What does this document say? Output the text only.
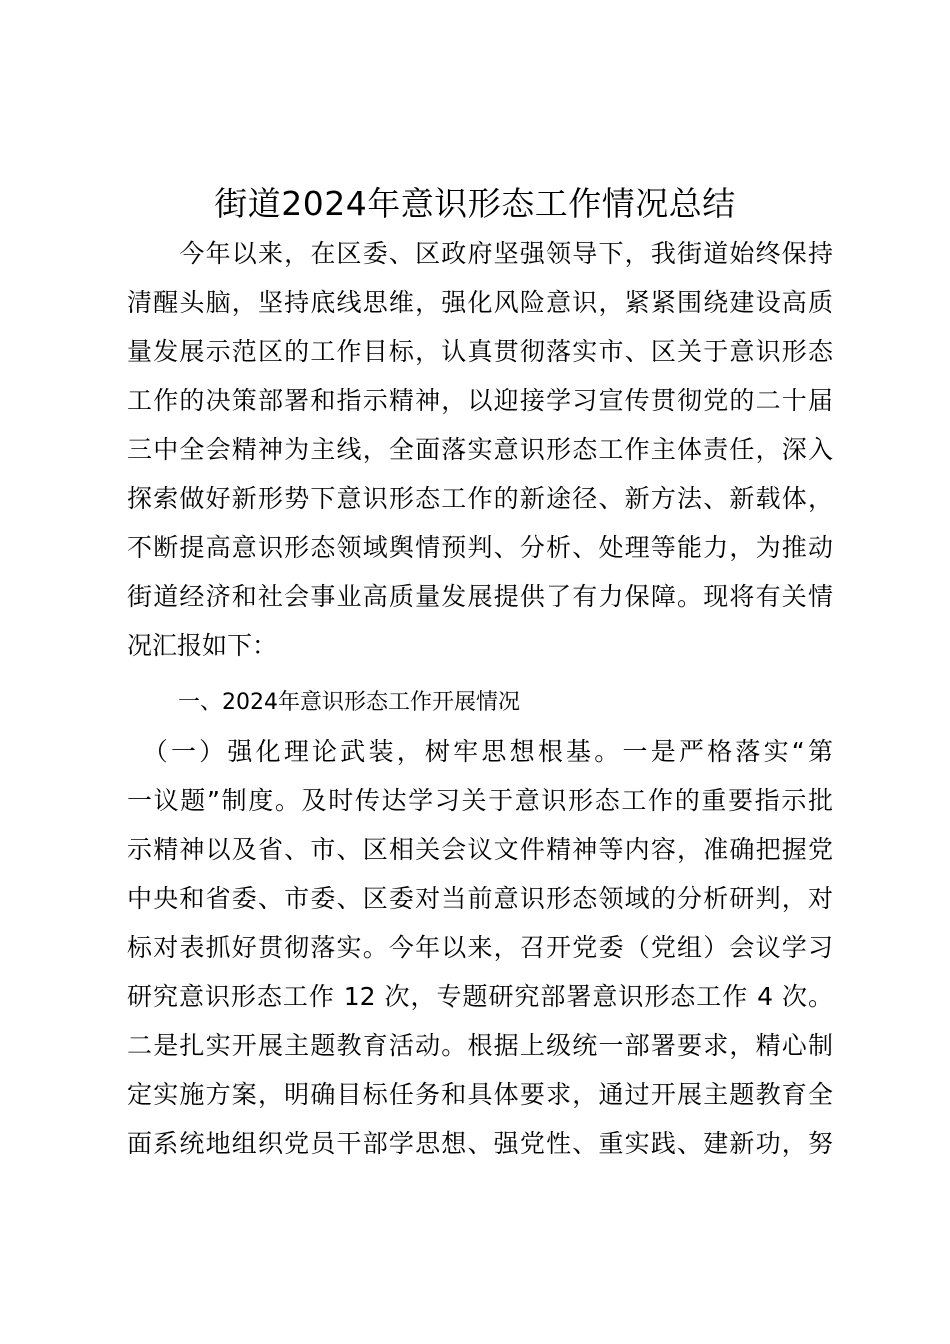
街道2024年意识形态工作情况总结
　　今年以来，在区委、区政府坚强领导下，我街道始终保持
清醒头脑，坚持底线思维，强化风险意识，紧紧围绕建设高质
量发展示范区的工作目标，认真贯彻落实市、区关于意识形态
工作的决策部署和指示精神，以迎接学习宣传贯彻党的二十届
三中全会精神为主线，全面落实意识形态工作主体责任，深入
探索做好新形势下意识形态工作的新途径、新方法、新载体，
不断提高意识形态领域舆情预判、分析、处理等能力，为推动
街道经济和社会事业高质量发展提供了有力保障。现将有关情
况汇报如下：
一、2024年意识形态工作开展情况
　（一）强化理论武装，树牢思想根基。一是严格落实“第
一议题”制度。及时传达学习关于意识形态工作的重要指示批
示精神以及省、市、区相关会议文件精神等内容，准确把握党
中央和省委、市委、区委对当前意识形态领域的分析研判，对
标对表抓好贯彻落实。今年以来，召开党委（党组）会议学习
研究意识形态工作 12 次，专题研究部署意识形态工作 4 次。
二是扎实开展主题教育活动。根据上级统一部署要求，精心制
定实施方案，明确目标任务和具体要求，通过开展主题教育全
面系统地组织党员干部学思想、强党性、重实践、建新功，努
